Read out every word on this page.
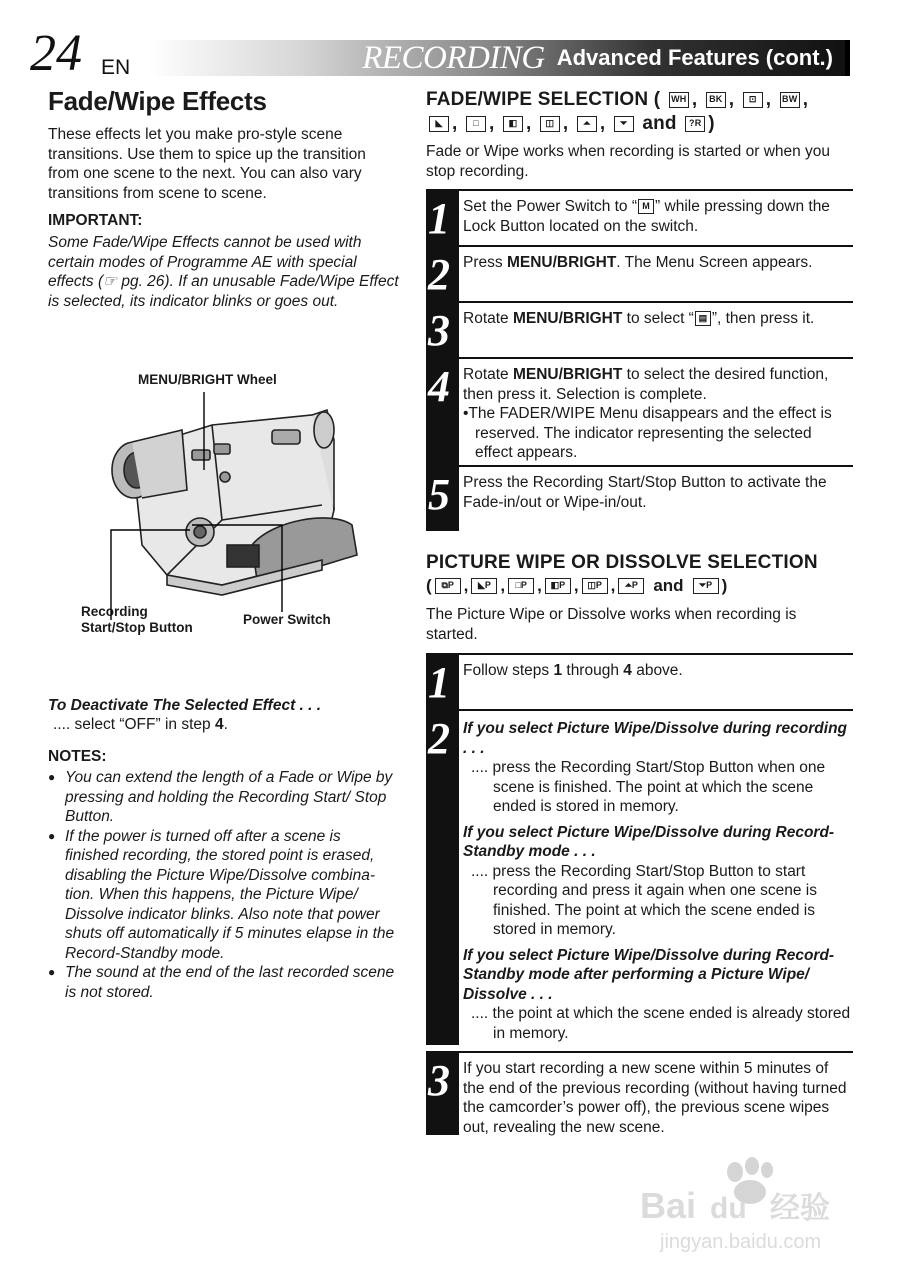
24 EN	RECORDING Advanced Features (cont.)
Fade/Wipe Effects

These effects let you make pro-style scene transitions. Use them to spice up the transition from one scene to the next. You can also vary transitions from scene to scene.

IMPORTANT:

Some Fade/Wipe Effects cannot be used with certain modes of Programme AE with special effects (☞ pg. 26). If an unusable Fade/Wipe Effect is selected, its indicator blinks or goes out.

MENU/BRIGHT Wheel
Recording
Start/Stop Button
Power Switch
To Deactivate The Selected Effect . . .
.... select “OFF” in step 4.
NOTES:
● You can extend the length of a Fade or Wipe by pressing and holding the Recording Start/ Stop Button.
● If the power is turned off after a scene is finished recording, the stored point is erased, disabling the Picture Wipe/Dissolve combina- tion. When this happens, the Picture Wipe/ Dissolve indicator blinks. Also note that power shuts off automatically if 5 minutes elapse in the Record-Standby mode.
● The sound at the end of the last recorded scene is not stored.
FADE/WIPE SELECTION ( WH , BK , ⊡ , BW ,
◣ , □ , ◧ , ◫ , ⏶ , ⏷ and ?R )

Fade or Wipe works when recording is started or when you stop recording.

1 Set the Power Switch to “ M ” while pressing down the Lock Button located on the switch.
2 Press MENU/BRIGHT. The Menu Screen appears.
3 Rotate MENU/BRIGHT to select “ ▤ ”, then press it.
4 Rotate MENU/BRIGHT to select the desired function, then press it. Selection is complete.
•The FADER/WIPE Menu disappears and the effect is reserved. The indicator representing the selected effect appears.
5 Press the Recording Start/Stop Button to activate the Fade-in/out or Wipe-in/out.
PICTURE WIPE OR DISSOLVE SELECTION
(	⧉P ,	◣P ,	□P , ◧P , ◫P ,	⏶P and	⏷P )

The Picture Wipe or Dissolve works when recording is started.

1 Follow steps 1 through 4 above.
2 If you select Picture Wipe/Dissolve during recording . . .
.... press the Recording Start/Stop Button when one scene is finished. The point at which the scene ended is stored in memory.
If you select Picture Wipe/Dissolve during Record- Standby mode . . .
.... press the Recording Start/Stop Button to start recording and press it again when one scene is finished. The point at which the scene ended is stored in memory.
If you select Picture Wipe/Dissolve during Record- Standby mode after performing a Picture Wipe/ Dissolve . . .
.... the point at which the scene ended is already stored in memory.
3 If you start recording a new scene within 5 minutes of the end of the previous recording (without having turned the camcorder’s power off), the previous scene wipes out, revealing the new scene.
Bai du 经验
jingyan.baidu.com
